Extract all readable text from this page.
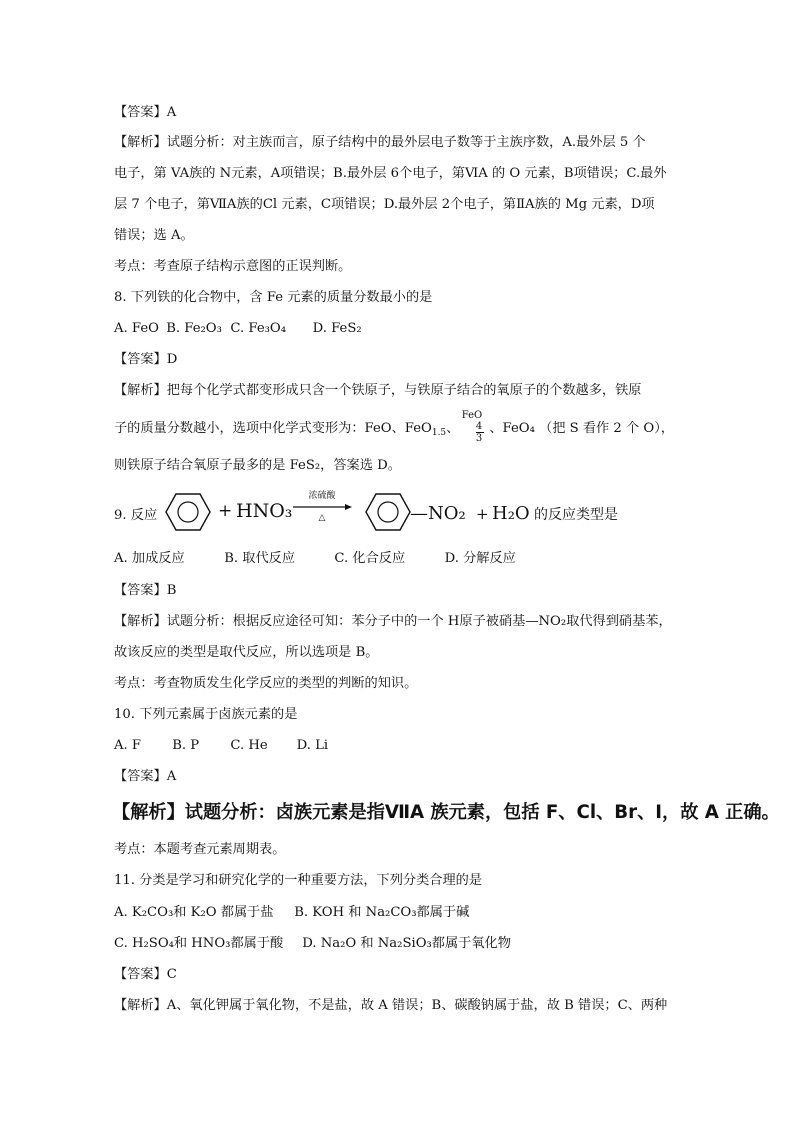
【答案】A
【解析】试题分析：对主族而言，原子结构中的最外层电子数等于主族序数，A.最外层 5 个
电子，第 VA族的 N元素，A项错误；B.最外层 6个电子，第ⅥA 的 O 元素，B项错误；C.最外
层 7 个电子，第ⅦA族的Cl 元素，C项错误；D.最外层 2个电子，第ⅡA族的 Mg 元素，D项
错误；选 A。
考点：考查原子结构示意图的正误判断。
8. 下列铁的化合物中，含 Fe 元素的质量分数最小的是
A. FeO B. Fe₂O₃ C. Fe₃O₄ D. FeS₂
【答案】D
【解析】把每个化学式都变形成只含一个铁原子，与铁原子结合的氧原子的个数越多，铁原
子的质量分数越小，选项中化学式变形为：FeO、FeO$_{1.5}$、 、FeO₄ （把 S 看作 2 个 O），
FeO
4
3
则铁原子结合氧原子最多的是 FeS₂，答案选 D。
9. 反应	+ HNO₃
浓硫酸
△	—NO₂ + H₂O 的反应类型是
A. 加成反应	B. 取代反应	C. 化合反应	D. 分解反应
【答案】B
【解析】试题分析：根据反应途径可知：苯分子中的一个 H原子被硝基—NO₂取代得到硝基苯，
故该反应的类型是取代反应，所以选项是 B。
考点：考查物质发生化学反应的类型的判断的知识。
10. 下列元素属于卤族元素的是
A. F B. P C. He D. Li
【答案】A
【解析】试题分析：卤族元素是指ⅦA 族元素，包括 F、Cl、Br、I，故 A 正确。
考点：本题考查元素周期表。
11. 分类是学习和研究化学的一种重要方法，下列分类合理的是
A. K₂CO₃和 K₂O 都属于盐 B. KOH 和 Na₂CO₃都属于碱
C. H₂SO₄和 HNO₃都属于酸 D. Na₂O 和 Na₂SiO₃都属于氧化物
【答案】C
【解析】A、氧化钾属于氧化物，不是盐，故 A 错误；B、碳酸钠属于盐，故 B 错误；C、两种
